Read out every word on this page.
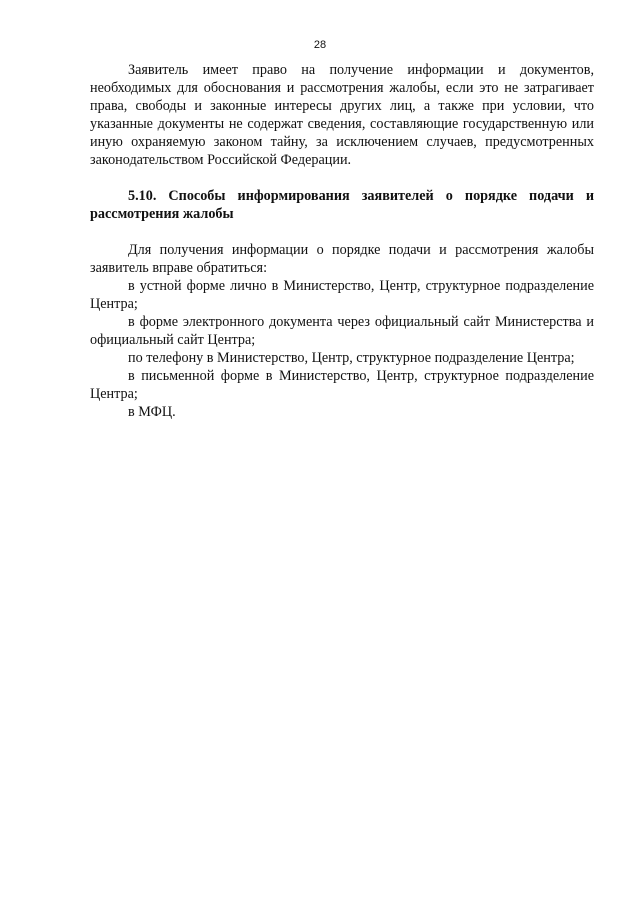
28

Заявитель имеет право на получение информации и документов, необходимых для обоснования и рассмотрения жалобы, если это не затрагивает права, свободы и законные интересы других лиц, а также при условии, что указанные документы не содержат сведения, составляющие государственную или иную охраняемую законом тайну, за исключением случаев, предусмотренных законодательством Российской Федерации.

5.10. Способы информирования заявителей о порядке подачи и рассмотрения жалобы

Для получения информации о порядке подачи и рассмотрения жалобы заявитель вправе обратиться:

в устной форме лично в Министерство, Центр, структурное подразделение Центра;

в форме электронного документа через официальный сайт Министерства и официальный сайт Центра;

по телефону в Министерство, Центр, структурное подразделение Центра;

в письменной форме в Министерство, Центр, структурное подразделение Центра;

в МФЦ.
